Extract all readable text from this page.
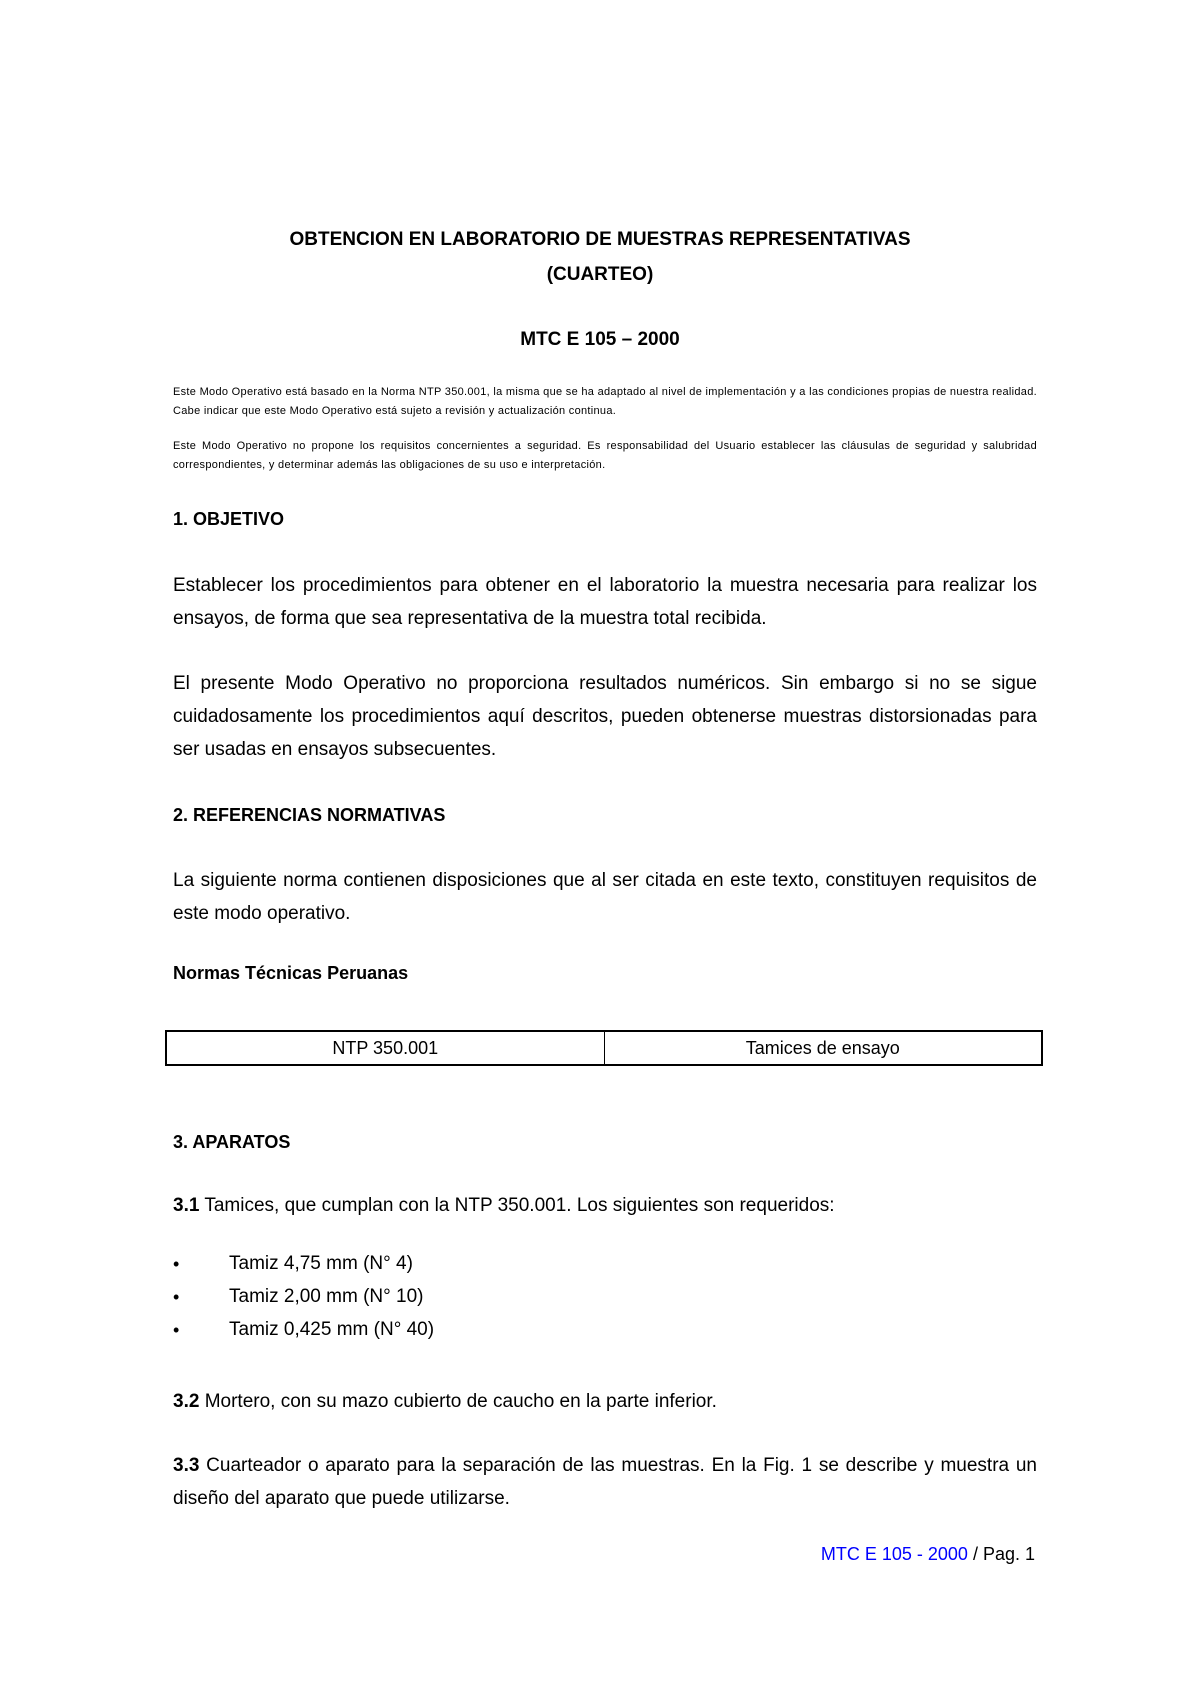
OBTENCION EN LABORATORIO DE MUESTRAS REPRESENTATIVAS
(CUARTEO)
MTC E 105 – 2000
Este Modo Operativo está basado en la Norma NTP 350.001, la misma que se ha adaptado al nivel de implementación y a las condiciones propias de nuestra realidad. Cabe indicar que este Modo Operativo está sujeto a revisión y actualización continua.
Este Modo Operativo no propone los requisitos concernientes a seguridad. Es responsabilidad del Usuario establecer las cláusulas de seguridad y salubridad correspondientes, y determinar además las obligaciones de su uso e interpretación.
1. OBJETIVO
Establecer los procedimientos para obtener en el laboratorio la muestra necesaria para realizar los ensayos, de forma que sea representativa de la muestra total recibida.
El presente Modo Operativo no proporciona resultados numéricos. Sin embargo si no se sigue cuidadosamente los procedimientos aquí descritos, pueden obtenerse muestras distorsionadas para ser usadas en ensayos subsecuentes.
2. REFERENCIAS NORMATIVAS
La siguiente norma contienen disposiciones que al ser citada en este texto, constituyen requisitos de este modo operativo.
Normas Técnicas Peruanas
NTP 350.001	Tamices de ensayo
3. APARATOS
3.1 Tamices, que cumplan con la NTP 350.001. Los siguientes son requeridos:
•	Tamiz 4,75 mm (N° 4)
•	Tamiz 2,00 mm (N° 10)
•	Tamiz 0,425 mm (N° 40)
3.2 Mortero, con su mazo cubierto de caucho en la parte inferior.
3.3 Cuarteador o aparato para la separación de las muestras. En la Fig. 1 se describe y muestra un diseño del aparato que puede utilizarse.
MTC E 105 - 2000 / Pag. 1
